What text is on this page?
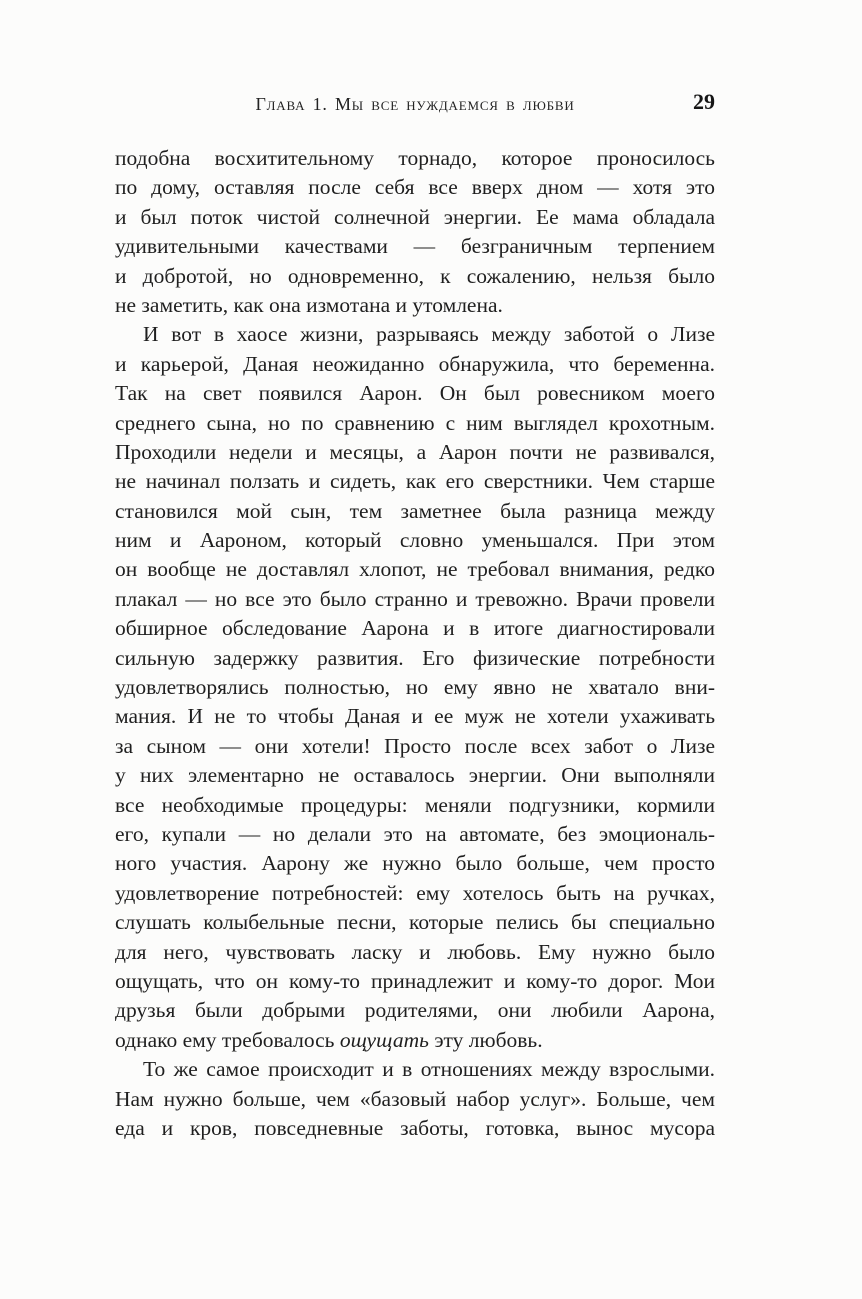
Глава 1. Мы все нуждаемся в любви	29
подобна восхитительному торнадо, которое проносилось
по дому, оставляя после себя все вверх дном — хотя это
и был поток чистой солнечной энергии. Ее мама обладала
удивительными качествами — безграничным терпением
и добротой, но одновременно, к сожалению, нельзя было
не заметить, как она измотана и утомлена.
И вот в хаосе жизни, разрываясь между заботой о Лизе
и карьерой, Даная неожиданно обнаружила, что беременна.
Так на свет появился Аарон. Он был ровесником моего
среднего сына, но по сравнению с ним выглядел крохотным.
Проходили недели и месяцы, а Аарон почти не развивался,
не начинал ползать и сидеть, как его сверстники. Чем старше
становился мой сын, тем заметнее была разница между
ним и Аароном, который словно уменьшался. При этом
он вообще не доставлял хлопот, не требовал внимания, редко
плакал — но все это было странно и тревожно. Врачи провели
обширное обследование Аарона и в итоге диагностировали
сильную задержку развития. Его физические потребности
удовлетворялись полностью, но ему явно не хватало вни-
мания. И не то чтобы Даная и ее муж не хотели ухаживать
за сыном — они хотели! Просто после всех забот о Лизе
у них элементарно не оставалось энергии. Они выполняли
все необходимые процедуры: меняли подгузники, кормили
его, купали — но делали это на автомате, без эмоциональ-
ного участия. Аарону же нужно было больше, чем просто
удовлетворение потребностей: ему хотелось быть на ручках,
слушать колыбельные песни, которые пелись бы специально
для него, чувствовать ласку и любовь. Ему нужно было
ощущать, что он кому-то принадлежит и кому-то дорог. Мои
друзья были добрыми родителями, они любили Аарона,
однако ему требовалось ощущать эту любовь.
То же самое происходит и в отношениях между взрослыми.
Нам нужно больше, чем «базовый набор услуг». Больше, чем
еда и кров, повседневные заботы, готовка, вынос мусора
